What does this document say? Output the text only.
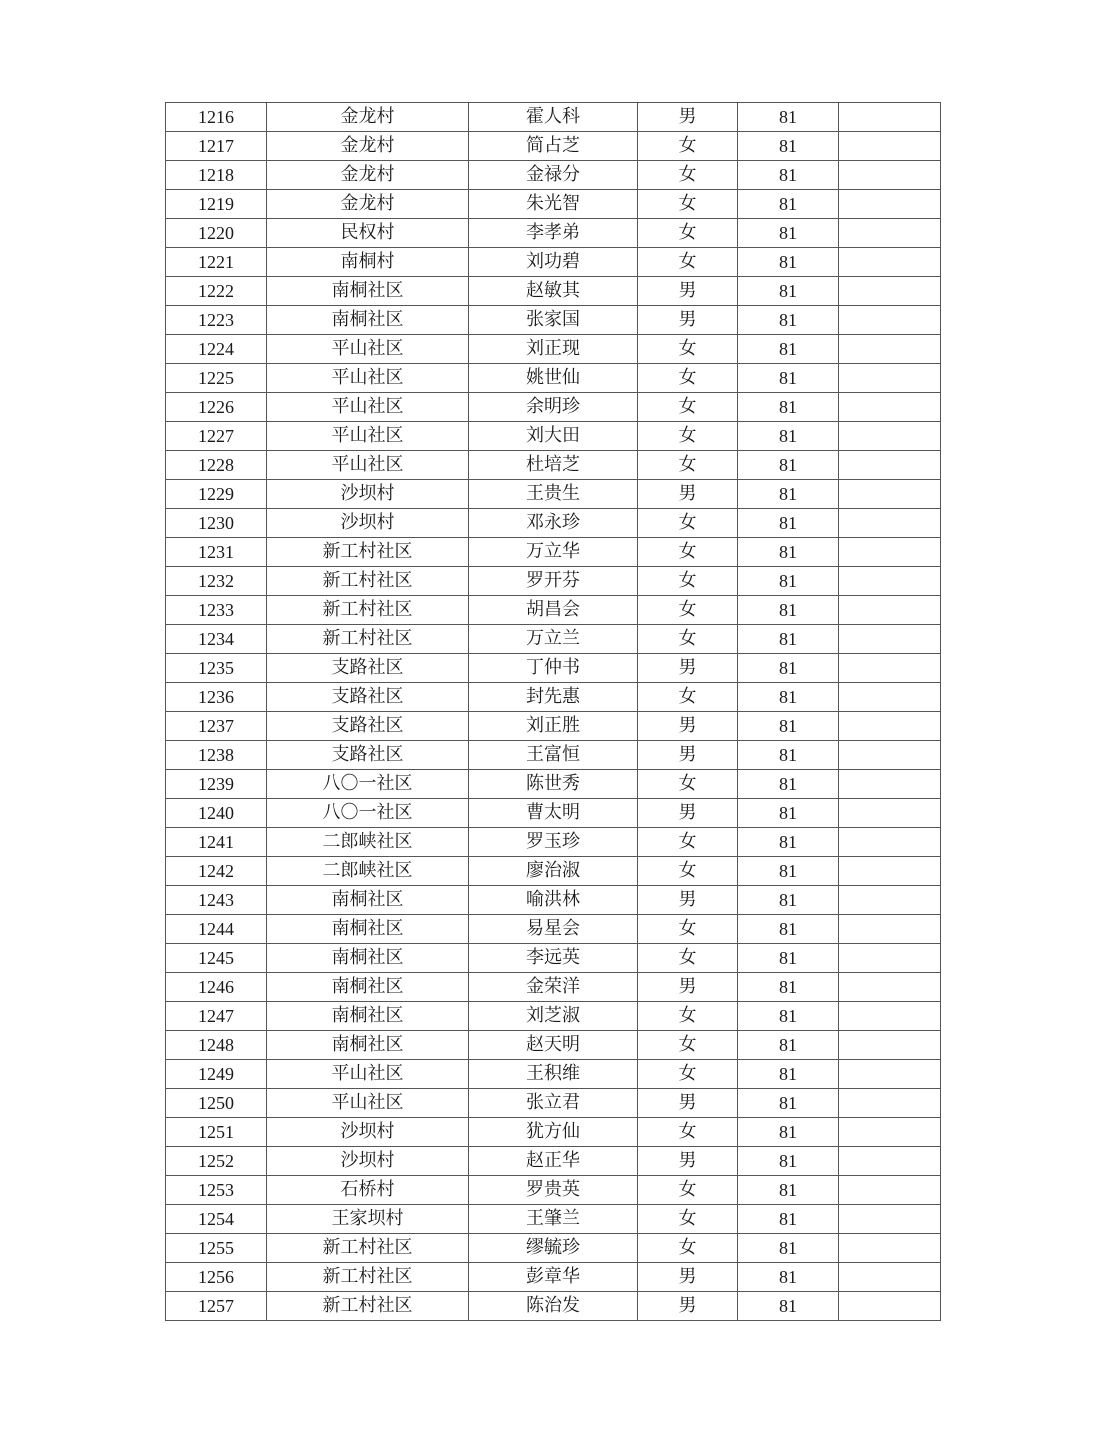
1216	金龙村	霍人科	男	81	
1217	金龙村	简占芝	女	81	
1218	金龙村	金禄分	女	81	
1219	金龙村	朱光智	女	81	
1220	民权村	李孝弟	女	81	
1221	南桐村	刘功碧	女	81	
1222	南桐社区	赵敏其	男	81	
1223	南桐社区	张家国	男	81	
1224	平山社区	刘正现	女	81	
1225	平山社区	姚世仙	女	81	
1226	平山社区	余明珍	女	81	
1227	平山社区	刘大田	女	81	
1228	平山社区	杜培芝	女	81	
1229	沙坝村	王贵生	男	81	
1230	沙坝村	邓永珍	女	81	
1231	新工村社区	万立华	女	81	
1232	新工村社区	罗开芬	女	81	
1233	新工村社区	胡昌会	女	81	
1234	新工村社区	万立兰	女	81	
1235	支路社区	丁仲书	男	81	
1236	支路社区	封先惠	女	81	
1237	支路社区	刘正胜	男	81	
1238	支路社区	王富恒	男	81	
1239	八〇一社区	陈世秀	女	81	
1240	八〇一社区	曹太明	男	81	
1241	二郎峡社区	罗玉珍	女	81	
1242	二郎峡社区	廖治淑	女	81	
1243	南桐社区	喻洪林	男	81	
1244	南桐社区	易星会	女	81	
1245	南桐社区	李远英	女	81	
1246	南桐社区	金荣洋	男	81	
1247	南桐社区	刘芝淑	女	81	
1248	南桐社区	赵天明	女	81	
1249	平山社区	王积维	女	81	
1250	平山社区	张立君	男	81	
1251	沙坝村	犹方仙	女	81	
1252	沙坝村	赵正华	男	81	
1253	石桥村	罗贵英	女	81	
1254	王家坝村	王肇兰	女	81	
1255	新工村社区	缪毓珍	女	81	
1256	新工村社区	彭章华	男	81	
1257	新工村社区	陈治发	男	81	
